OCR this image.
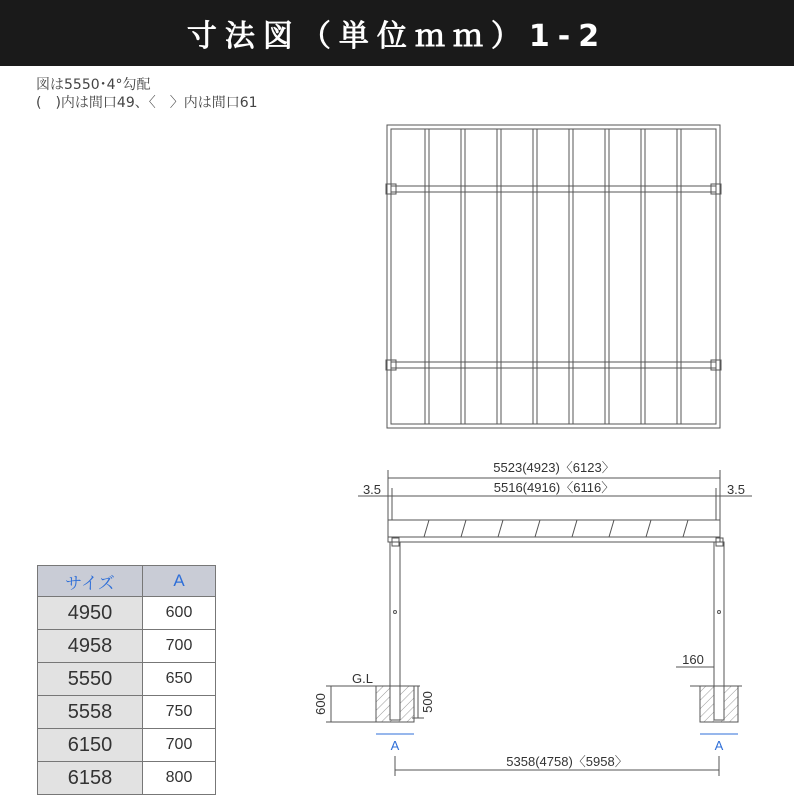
寸法図（単位ｍｍ）1-2
図は5550･4°勾配
(　)内は間口49、〈　〉内は間口61
サイズ	A
4950	600
4958	700
5550	650
5558	750
6150	700
6158	800
5523(4923)〈6123〉
5516(4916)〈6116〉
3.5	3.5
G.L
600	500
160
A	A
5358(4758)〈5958〉
